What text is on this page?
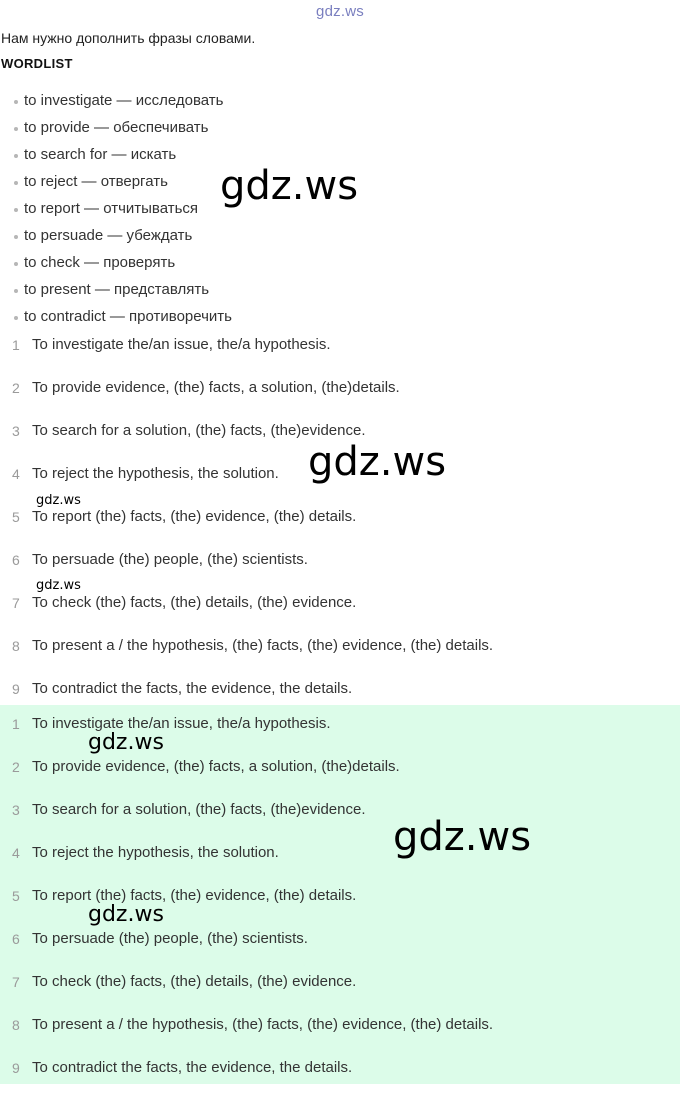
gdz.ws
Нам нужно дополнить фразы словами.
WORDLIST
to investigate — исследовать
to provide — обеспечивать
to search for — искать
to reject — отвергать
to report — отчитываться
to persuade — убеждать
to check — проверять
to present — представлять
to contradict — противоречить
1 To investigate the/an issue, the/a hypothesis.
2 To provide evidence, (the) facts, a solution, (the)details.
3 To search for a solution, (the) facts, (the)evidence.
4 To reject the hypothesis, the solution.
5 To report (the) facts, (the) evidence, (the) details.
6 To persuade (the) people, (the) scientists.
7 To check (the) facts, (the) details, (the) evidence.
8 To present a / the hypothesis, (the) facts, (the) evidence, (the) details.
9 To contradict the facts, the evidence, the details.
1 To investigate the/an issue, the/a hypothesis.
2 To provide evidence, (the) facts, a solution, (the)details.
3 To search for a solution, (the) facts, (the)evidence.
4 To reject the hypothesis, the solution.
5 To report (the) facts, (the) evidence, (the) details.
6 To persuade (the) people, (the) scientists.
7 To check (the) facts, (the) details, (the) evidence.
8 To present a / the hypothesis, (the) facts, (the) evidence, (the) details.
9 To contradict the facts, the evidence, the details.
gdz.ws
gdz.ws
gdz.ws
gdz.ws
gdz.ws
gdz.ws
gdz.ws
